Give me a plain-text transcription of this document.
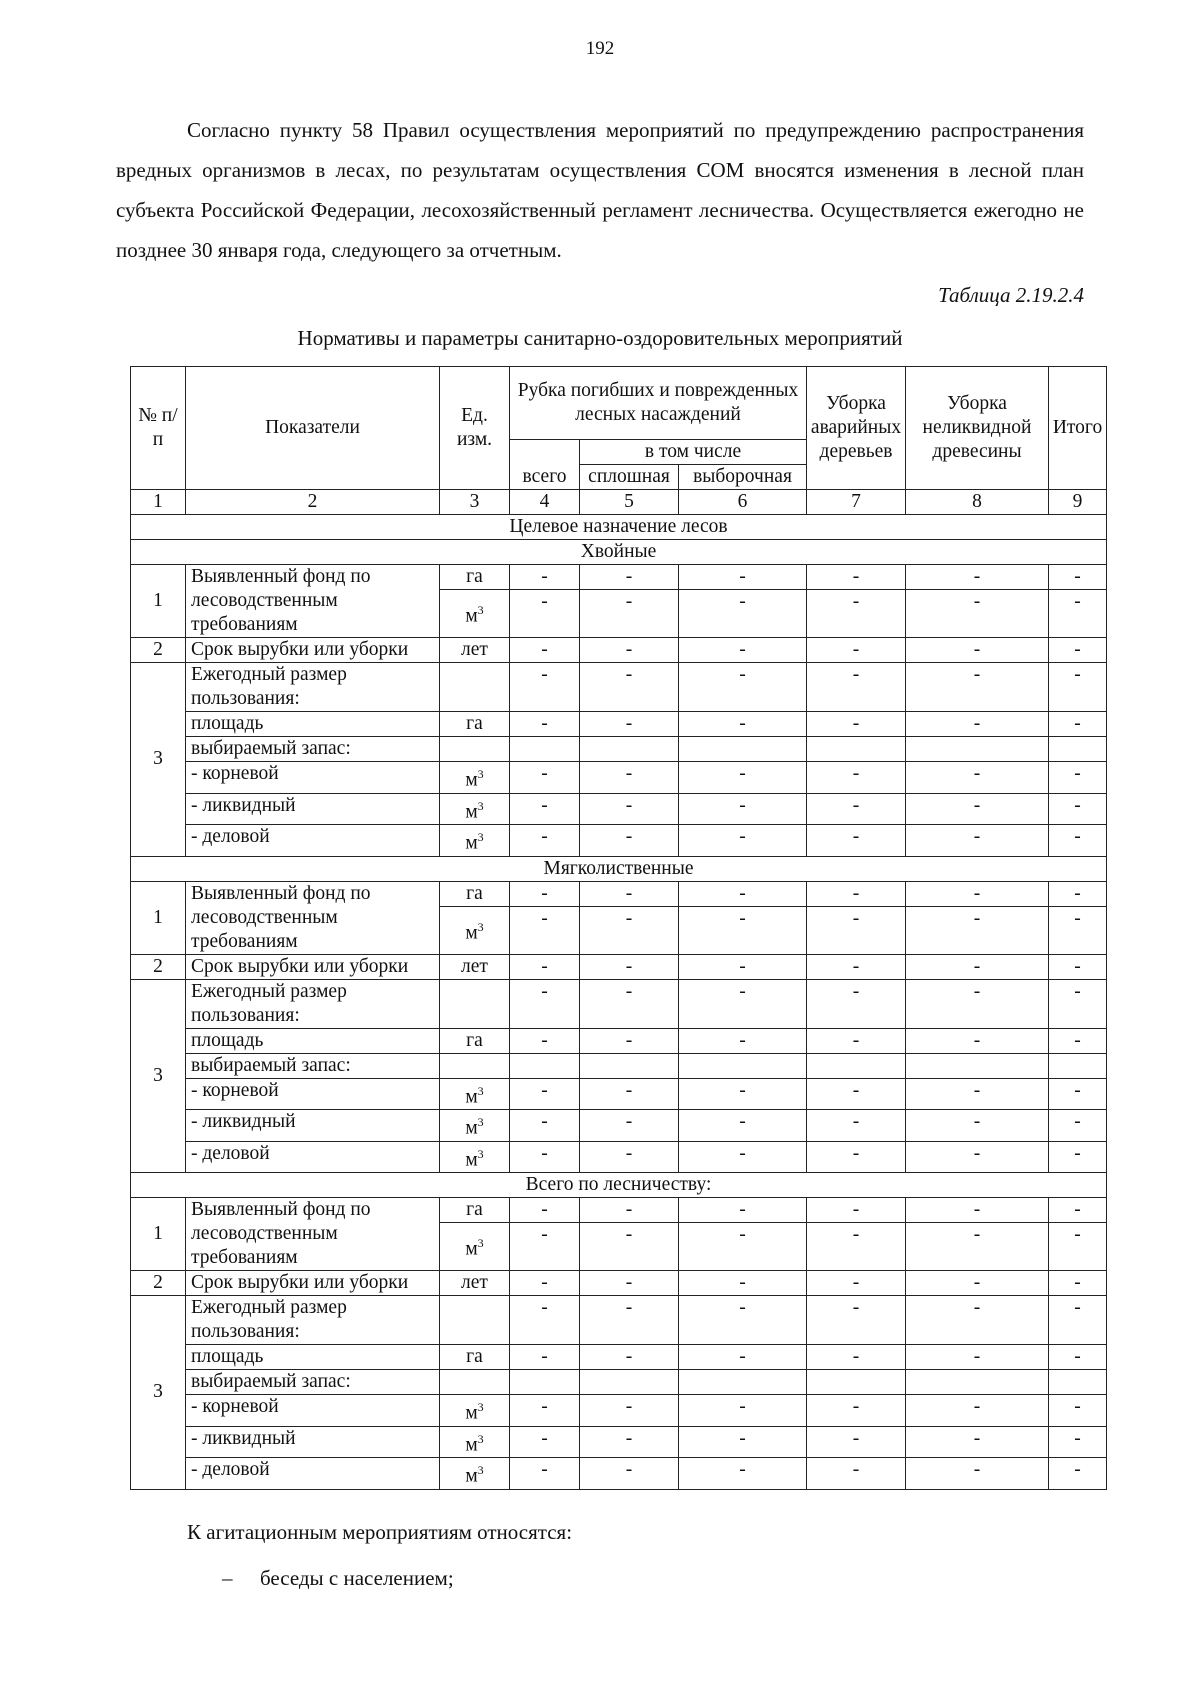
192

Согласно пункту 58 Правил осуществления мероприятий по предупреждению распространения вредных организмов в лесах, по результатам осуществления СОМ вносятся изменения в лесной план субъекта Российской Федерации, лесохозяйственный регламент лесничества. Осуществляется ежегодно не позднее 30 января года, следующего за отчетным.

Таблица 2.19.2.4
Нормативы и параметры санитарно-оздоровительных мероприятий
№ п/п	Показатели	Ед. изм.	Рубка погибших и поврежденных лесных насаждений			Уборка аварийных деревьев	Уборка неликвидной древесины	Итого
			всего	в том числе				
				сплошная	выборочная			
1	2	3	4	5	6	7	8	9
Целевое назначение лесов								
Хвойные								
1	Выявленный фонд по лесоводственным требованиям	га	-	-	-	-	-	-
		$м^3$	-	-	-	-	-	-
2	Срок вырубки или уборки	лет	-	-	-	-	-	-
3	Ежегодный размер пользования:		-	-	-	-	-	-
	площадь	га	-	-	-	-	-	-
	выбираемый запас:							
	- корневой	$м^3$	-	-	-	-	-	-
	- ликвидный	$м^3$	-	-	-	-	-	-
	- деловой	$м^3$	-	-	-	-	-	-
Мягколиственные								
1	Выявленный фонд по лесоводственным требованиям	га	-	-	-	-	-	-
		$м^3$	-	-	-	-	-	-
2	Срок вырубки или уборки	лет	-	-	-	-	-	-
3	Ежегодный размер пользования:		-	-	-	-	-	-
	площадь	га	-	-	-	-	-	-
	выбираемый запас:							
	- корневой	$м^3$	-	-	-	-	-	-
	- ликвидный	$м^3$	-	-	-	-	-	-
	- деловой	$м^3$	-	-	-	-	-	-
Всего по лесничеству:								
1	Выявленный фонд по лесоводственным требованиям	га	-	-	-	-	-	-
		$м^3$	-	-	-	-	-	-
2	Срок вырубки или уборки	лет	-	-	-	-	-	-
3	Ежегодный размер пользования:		-	-	-	-	-	-
	площадь	га	-	-	-	-	-	-
	выбираемый запас:							
	- корневой	$м^3$	-	-	-	-	-	-
	- ликвидный	$м^3$	-	-	-	-	-	-
	- деловой	$м^3$	-	-	-	-	-	-
К агитационным мероприятиям относятся:
– беседы с населением;
